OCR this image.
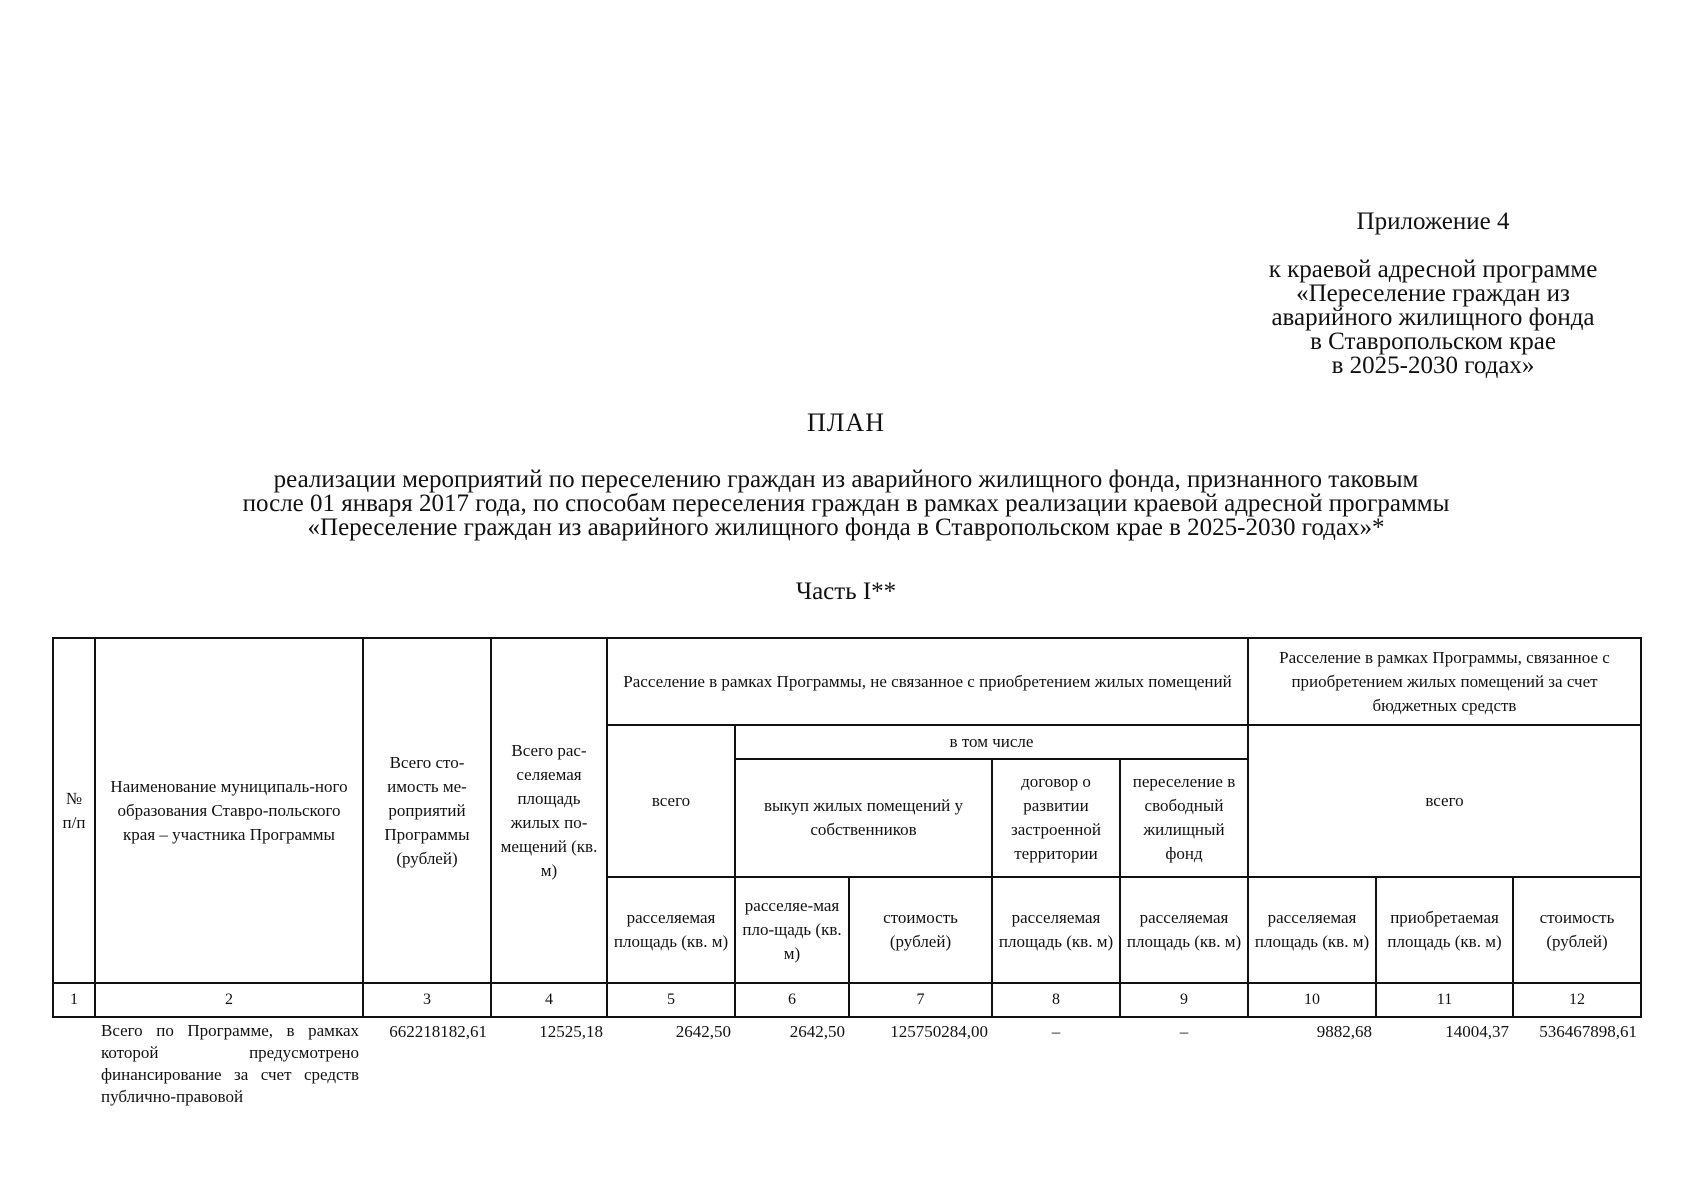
Приложение 4
к краевой адресной программе
«Переселение граждан из
аварийного жилищного фонда
в Ставропольском крае
в 2025-2030 годах»
ПЛАН
реализации мероприятий по переселению граждан из аварийного жилищного фонда, признанного таковым
после 01 января 2017 года, по способам переселения граждан в рамках реализации краевой адресной программы
«Переселение граждан из аварийного жилищного фонда в Ставропольском крае в 2025-2030 годах»*
Часть I**
№ п/п	Наименование муниципаль-ного образования Ставро-польского края – участника Программы	Всего сто-имость ме-роприятий Программы (рублей)	Всего рас-селяемая площадь жилых по-мещений (кв. м)	Расселение в рамках Программы, не связанное с приобретением жилых помещений					Расселение в рамках Программы, связанное с приобретением жилых помещений за счет бюджетных средств		
				всего	в том числе				всего		
					выкуп жилых помещений у собственников		договор о развитии застроенной территории	переселение в свободный жилищный фонд			
				расселяемая площадь (кв. м)	расселяе-мая пло-щадь (кв. м)	стоимость (рублей)	расселяемая площадь (кв. м)	расселяемая площадь (кв. м)	расселяемая площадь (кв. м)	приобретаемая площадь (кв. м)	стоимость (рублей)
1	2	3	4	5	6	7	8	9	10	11	12
	Всего по Программе, в рамках которой предусмотрено финансирование за счет средств публично-правовой	662218182,61	12525,18	2642,50	2642,50	125750284,00	–	–	9882,68	14004,37	536467898,61
